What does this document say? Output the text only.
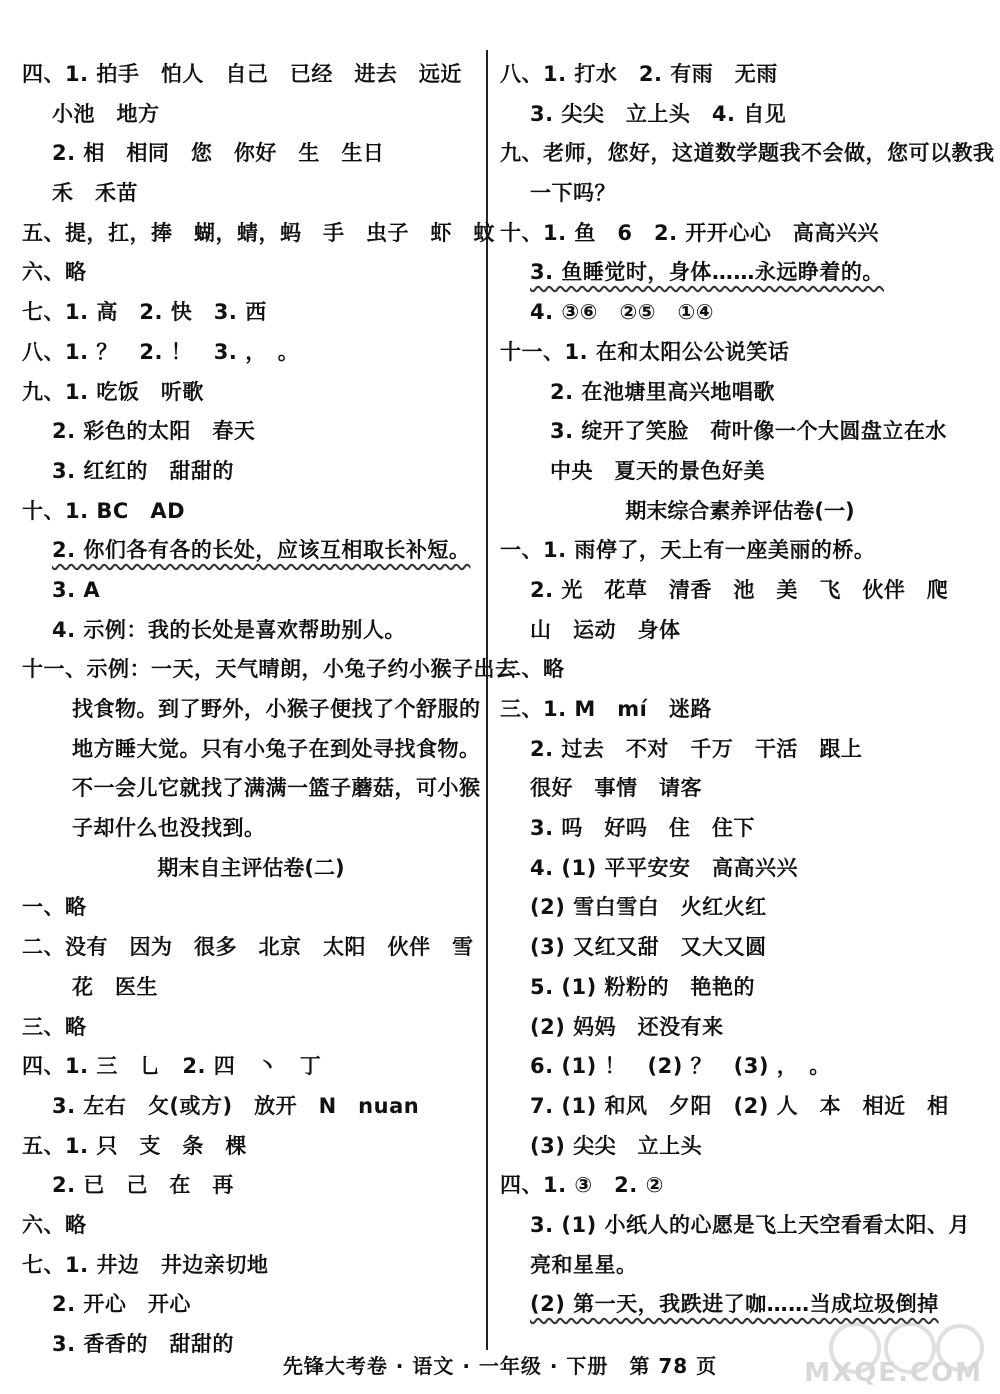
四、1. 拍手　怕人　自己　已经　进去　远近
小池　地方
2. 相　相同　您　你好　生　生日
禾　禾苗
五、提，扛，捧　蝴，蜻，蚂　手　虫子　虾　蚊
六、略
七、1. 高　2. 快　3. 西
八、1. ？　2. ！　3. ，　。
九、1. 吃饭　听歌
2. 彩色的太阳　春天
3. 红红的　甜甜的
十、1. BC　AD
2. 你们各有各的长处，应该互相取长补短。
3. A
4. 示例：我的长处是喜欢帮助别人。
十一、示例：一天，天气晴朗，小兔子约小猴子出去
找食物。到了野外，小猴子便找了个舒服的
地方睡大觉。只有小兔子在到处寻找食物。
不一会儿它就找了满满一篮子蘑菇，可小猴
子却什么也没找到。
期末自主评估卷(二)
一、略
二、没有　因为　很多　北京　太阳　伙伴　雪
花　医生
三、略
四、1. 三　乚　2. 四　丶　丁
3. 左右　攵(或方)　放开　N　nuan
五、1. 只　支　条　棵
2. 已　己　在　再
六、略
七、1. 井边　井边亲切地
2. 开心　开心
3. 香香的　甜甜的
八、1. 打水　2. 有雨　无雨
3. 尖尖　立上头　4. 自见
九、老师，您好，这道数学题我不会做，您可以教我
一下吗？
十、1. 鱼　6　2. 开开心心　高高兴兴
3. 鱼睡觉时，身体……永远睁着的。
4. ③⑥　②⑤　①④
十一、1. 在和太阳公公说笑话
2. 在池塘里高兴地唱歌
3. 绽开了笑脸　荷叶像一个大圆盘立在水
中央　夏天的景色好美
期末综合素养评估卷(一)
一、1. 雨停了，天上有一座美丽的桥。
2. 光　花草　清香　池　美　飞　伙伴　爬
山　运动　身体
二、略
三、1. M　mí　迷路
2. 过去　不对　千万　干活　跟上
很好　事情　请客
3. 吗　好吗　住　住下
4. (1) 平平安安　高高兴兴
(2) 雪白雪白　火红火红
(3) 又红又甜　又大又圆
5. (1) 粉粉的　艳艳的
(2) 妈妈　还没有来
6. (1) ！　(2) ？　(3) ，　。
7. (1) 和风　夕阳　(2) 人　本　相近　相
(3) 尖尖　立上头
四、1. ③　2. ②
3. (1) 小纸人的心愿是飞上天空看看太阳、月
亮和星星。
(2) 第一天，我跌进了咖……当成垃圾倒掉
先锋大考卷 · 语文 · 一年级 · 下册　第 78 页	MXQE.COM
